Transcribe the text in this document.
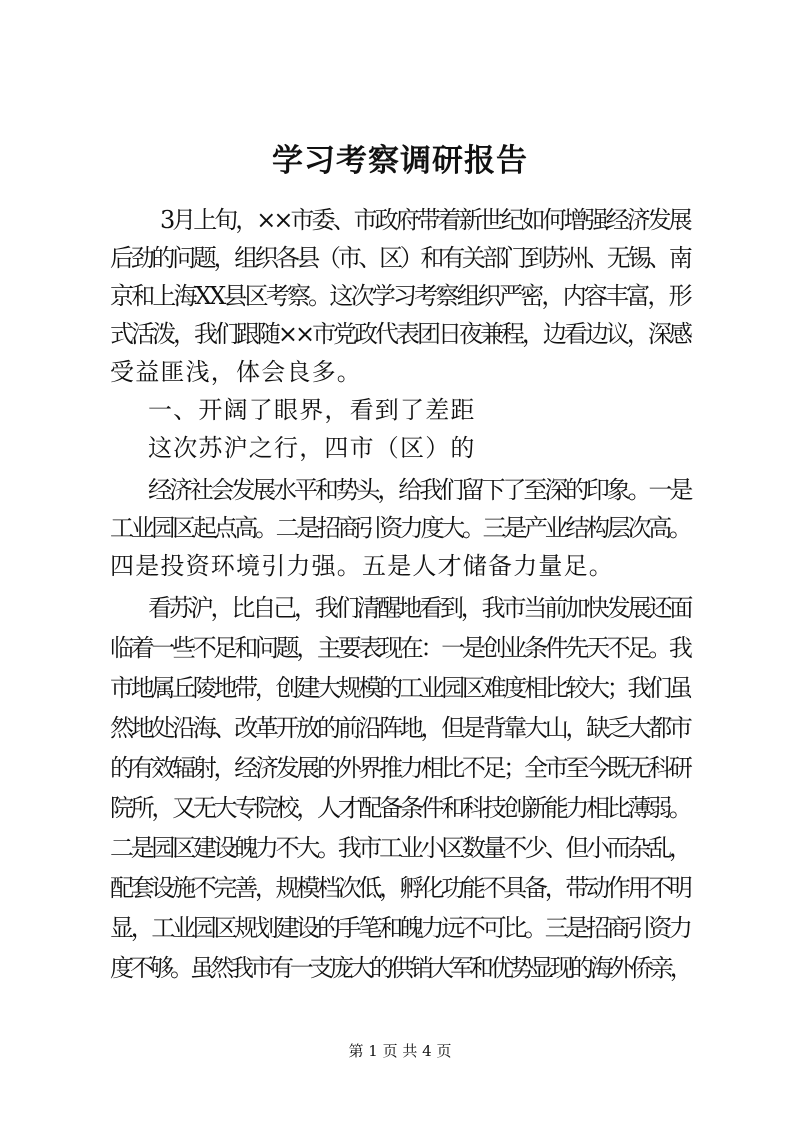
学习考察调研报告
3月上旬，××市委、市政府带着新世纪如何增强经济发展
后劲的问题，组织各县（市、区）和有关部门到苏州、无锡、南
京和上海XX县区考察。这次学习考察组织严密，内容丰富，形
式活泼，我们跟随××市党政代表团日夜兼程，边看边议，深感
受益匪浅，体会良多。
一、开阔了眼界，看到了差距
这次苏沪之行，四市（区）的
经济社会发展水平和势头，给我们留下了至深的印象。一是
工业园区起点高。二是招商引资力度大。三是产业结构层次高。
四是投资环境引力强。五是人才储备力量足。
看苏沪，比自己，我们清醒地看到，我市当前加快发展还面
临着一些不足和问题，主要表现在：一是创业条件先天不足。我
市地属丘陵地带，创建大规模的工业园区难度相比较大；我们虽
然地处沿海、改革开放的前沿阵地，但是背靠大山，缺乏大都市
的有效辐射，经济发展的外界推力相比不足；全市至今既无科研
院所，又无大专院校，人才配备条件和科技创新能力相比薄弱。
二是园区建设魄力不大。我市工业小区数量不少、但小而杂乱，
配套设施不完善，规模档次低，孵化功能不具备，带动作用不明
显，工业园区规划建设的手笔和魄力远不可比。三是招商引资力
度不够。虽然我市有一支庞大的供销大军和优势显现的海外侨亲，
第 1 页 共 4 页
